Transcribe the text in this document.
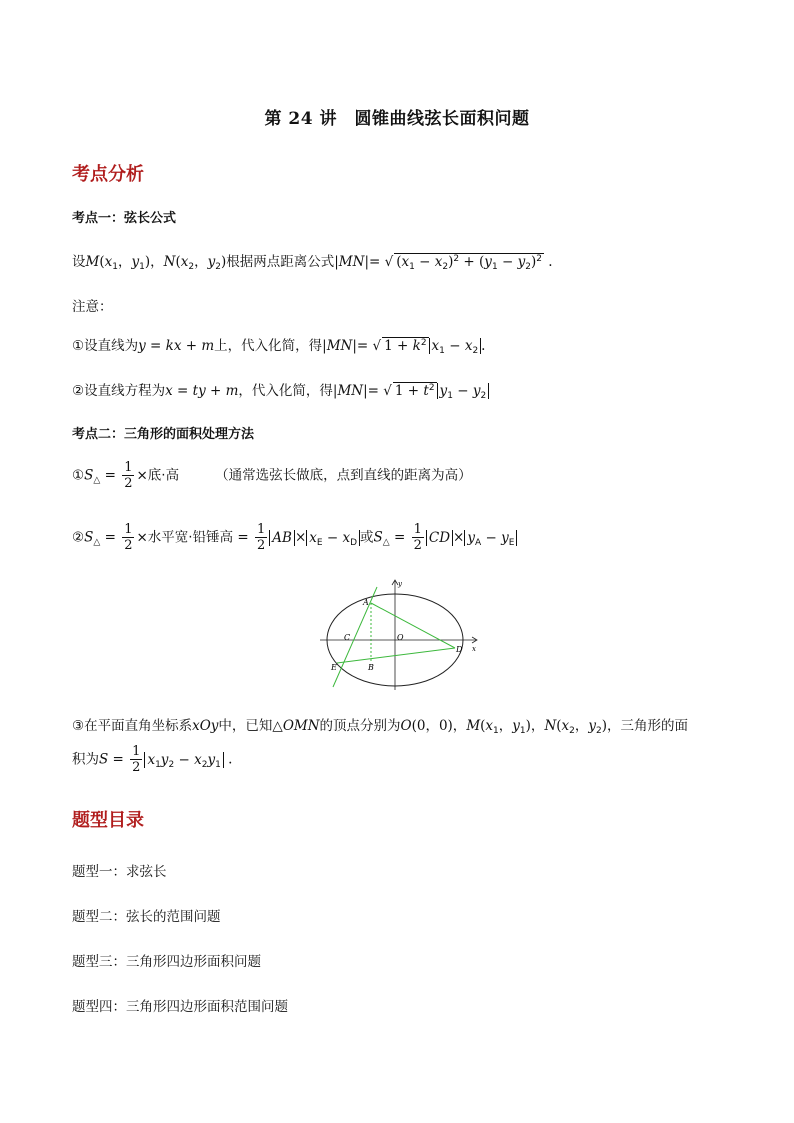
第 24 讲　圆锥曲线弦长面积问题
考点分析
考点一：弦长公式
设$M(x_1$，$y_1$)，$N(x_2$，$y_2$)根据两点距离公式|MN|= √ $(x_1 - x_2)^2 + (y_1 - y_2)^2$ .
注意：
①设直线为y = kx + m上，代入化简，得|MN|= √ $1 + k^2$ $x_1 - x_2$ .
②设直线方程为x = ty + m，代入化简，得|MN|= √ $1 + t^2$ $y_1 - y_2$
考点二：三角形的面积处理方法
$①S_\triangle = \frac{1}{2}$ ×底·高	（通常选弦长做底，点到直线的距离为高）
$②S_\triangle = \frac{1}{2}$ ×水平宽·铅锤高 = $\frac{1}{2}$ AB × $x_E - x_D$ 或$S_\triangle = \frac{1}{2}$ CD × $y_A - y_E$
A
C	O
D
E	B
x
y
③在平面直角坐标系xOy中，已知△OMN的顶点分别为O(0，0)，$M(x_1$，$y_1$)，$N(x_2$，$y_2$)，三角形的面
积为$S = \frac{1}{2} x_1y_2 - x_2y_1$ .
题型目录
题型一：求弦长
题型二：弦长的范围问题
题型三：三角形四边形面积问题
题型四：三角形四边形面积范围问题
